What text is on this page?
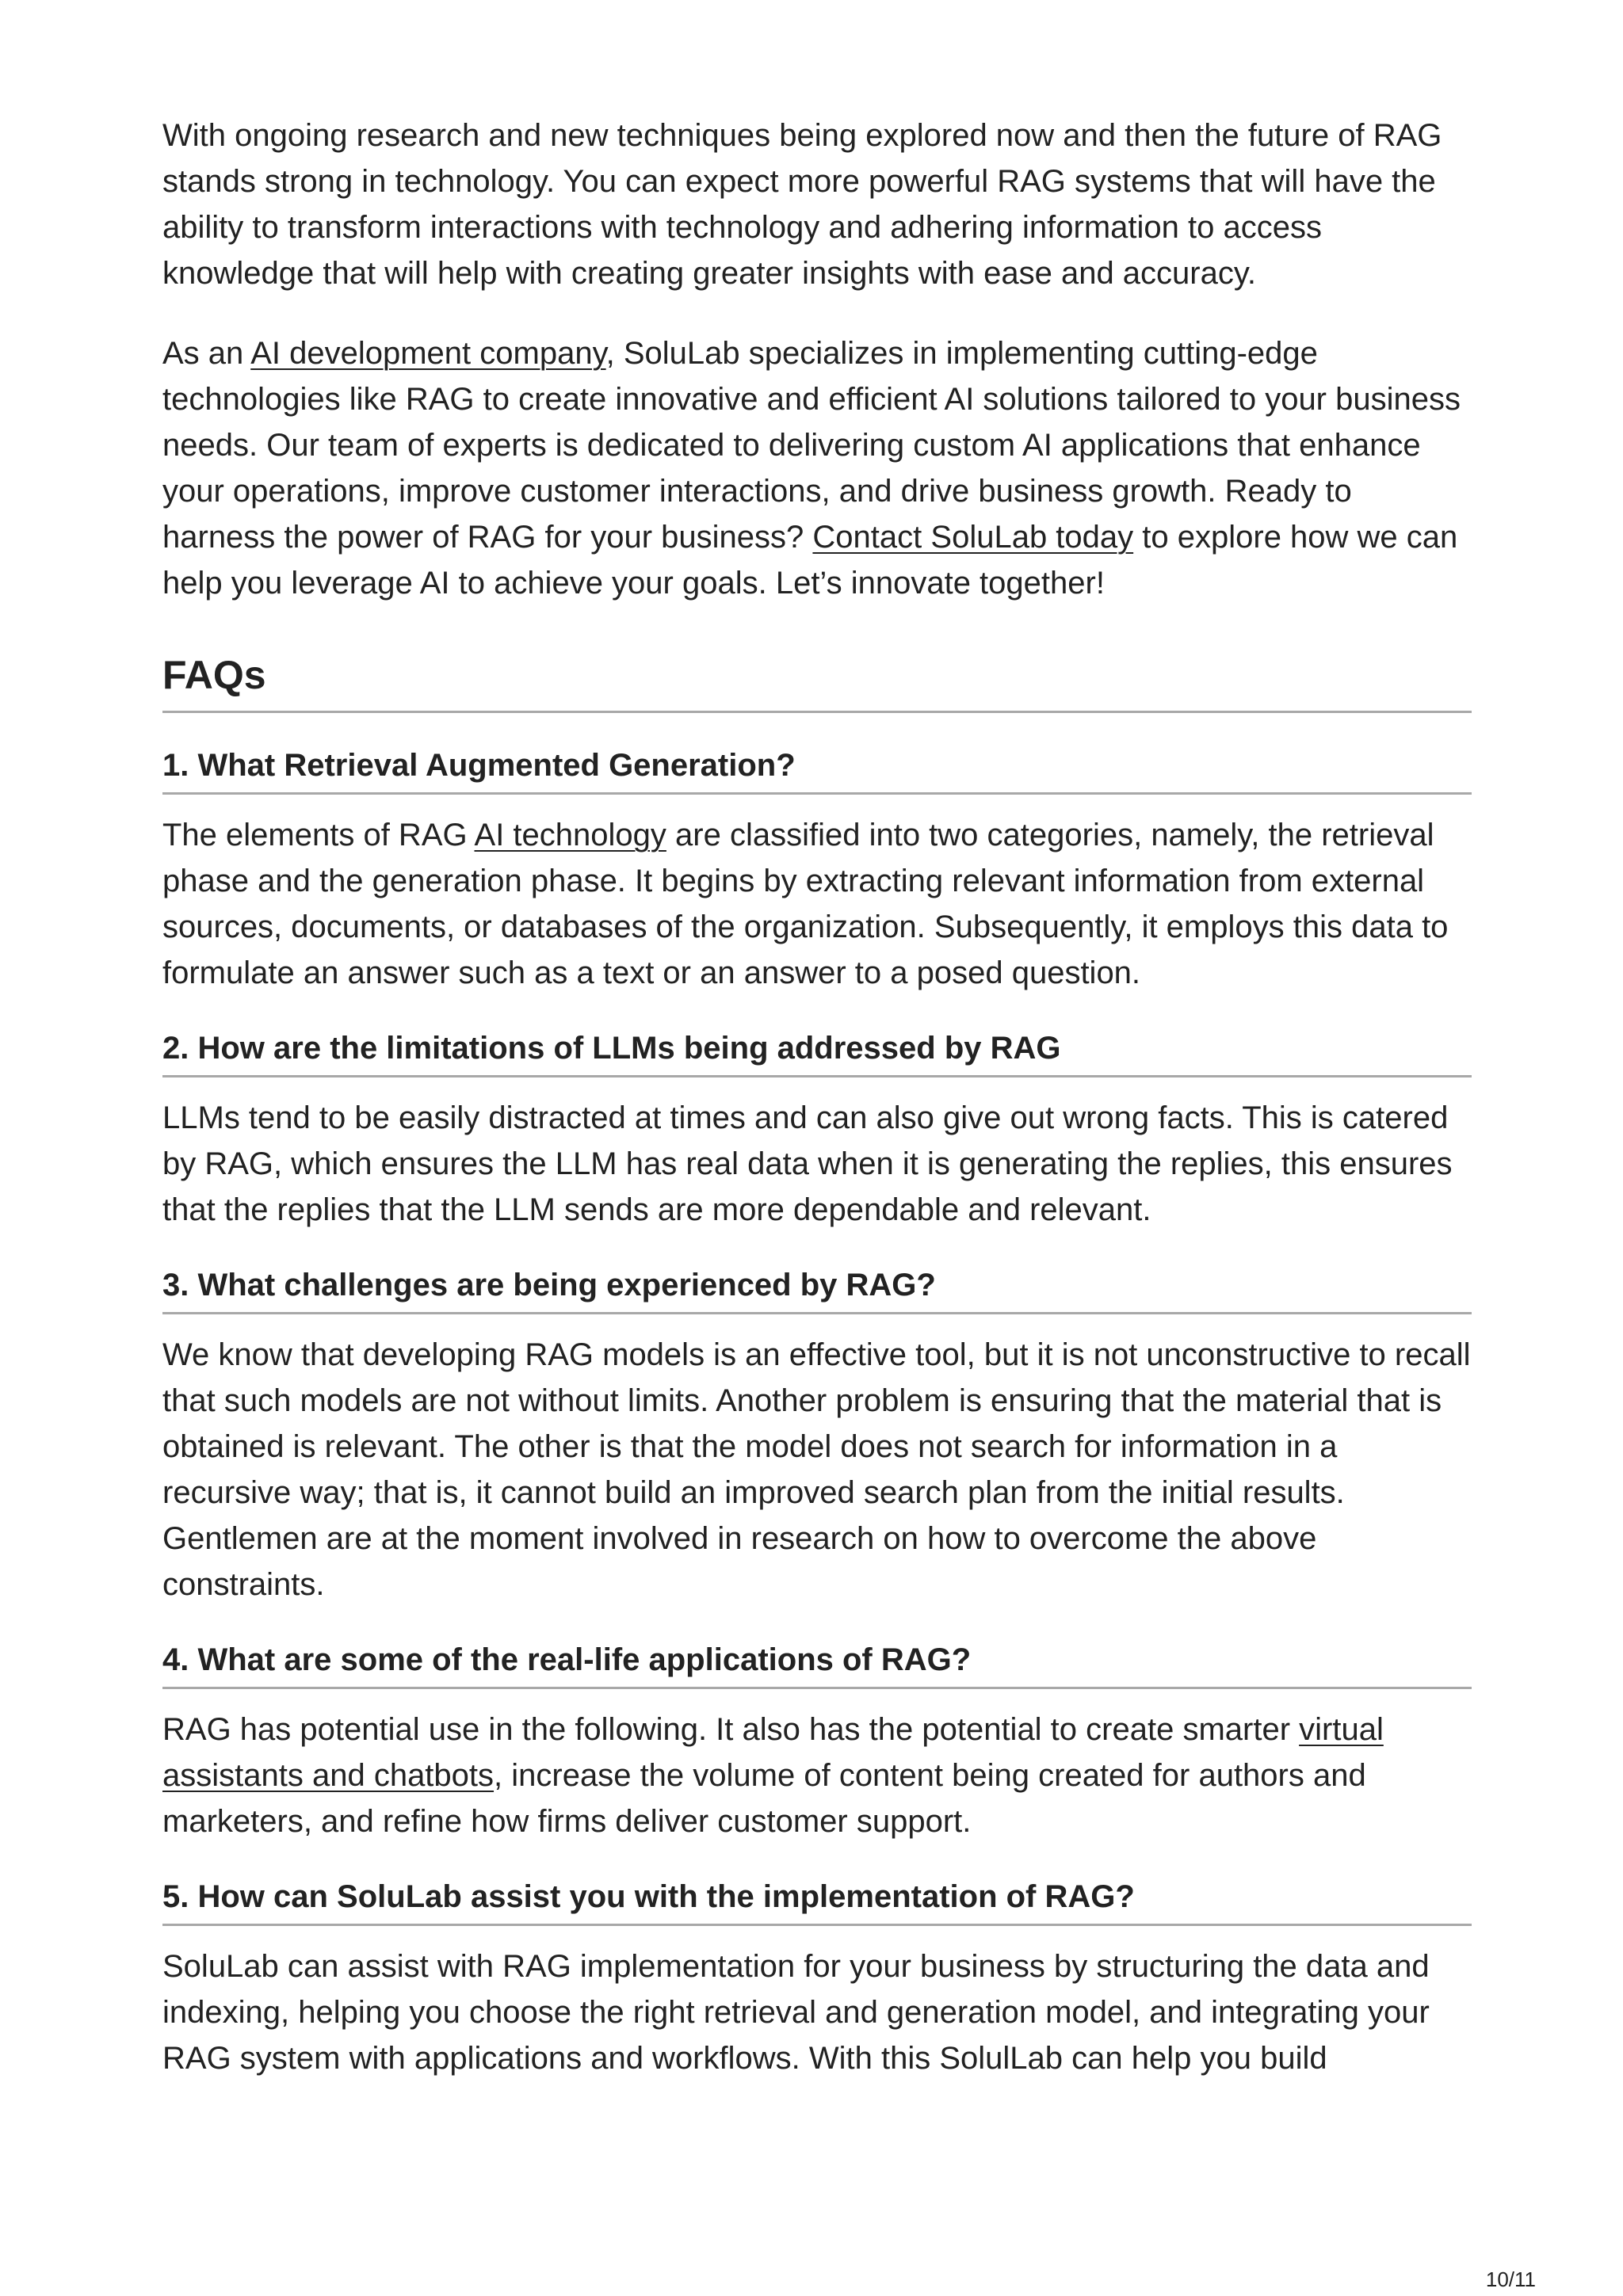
With ongoing research and new techniques being explored now and then the future of RAG stands strong in technology. You can expect more powerful RAG systems that will have the ability to transform interactions with technology and adhering information to access knowledge that will help with creating greater insights with ease and accuracy.

As an AI development company, SoluLab specializes in implementing cutting-edge technologies like RAG to create innovative and efficient AI solutions tailored to your business needs. Our team of experts is dedicated to delivering custom AI applications that enhance your operations, improve customer interactions, and drive business growth. Ready to harness the power of RAG for your business? Contact SoluLab today to explore how we can help you leverage AI to achieve your goals. Let’s innovate together!

FAQs
1. What Retrieval Augmented Generation?

The elements of RAG AI technology are classified into two categories, namely, the retrieval phase and the generation phase. It begins by extracting relevant information from external sources, documents, or databases of the organization. Subsequently, it employs this data to formulate an answer such as a text or an answer to a posed question.

2. How are the limitations of LLMs being addressed by RAG

LLMs tend to be easily distracted at times and can also give out wrong facts. This is catered by RAG, which ensures the LLM has real data when it is generating the replies, this ensures that the replies that the LLM sends are more dependable and relevant.

3. What challenges are being experienced by RAG?

We know that developing RAG models is an effective tool, but it is not unconstructive to recall that such models are not without limits. Another problem is ensuring that the material that is obtained is relevant. The other is that the model does not search for information in a recursive way; that is, it cannot build an improved search plan from the initial results. Gentlemen are at the moment involved in research on how to overcome the above constraints.

4. What are some of the real-life applications of RAG?

RAG has potential use in the following. It also has the potential to create smarter virtual assistants and chatbots, increase the volume of content being created for authors and marketers, and refine how firms deliver customer support.

5. How can SoluLab assist you with the implementation of RAG?

SoluLab can assist with RAG implementation for your business by structuring the data and indexing, helping you choose the right retrieval and generation model, and integrating your RAG system with applications and workflows. With this SolulLab can help you build

10/11
